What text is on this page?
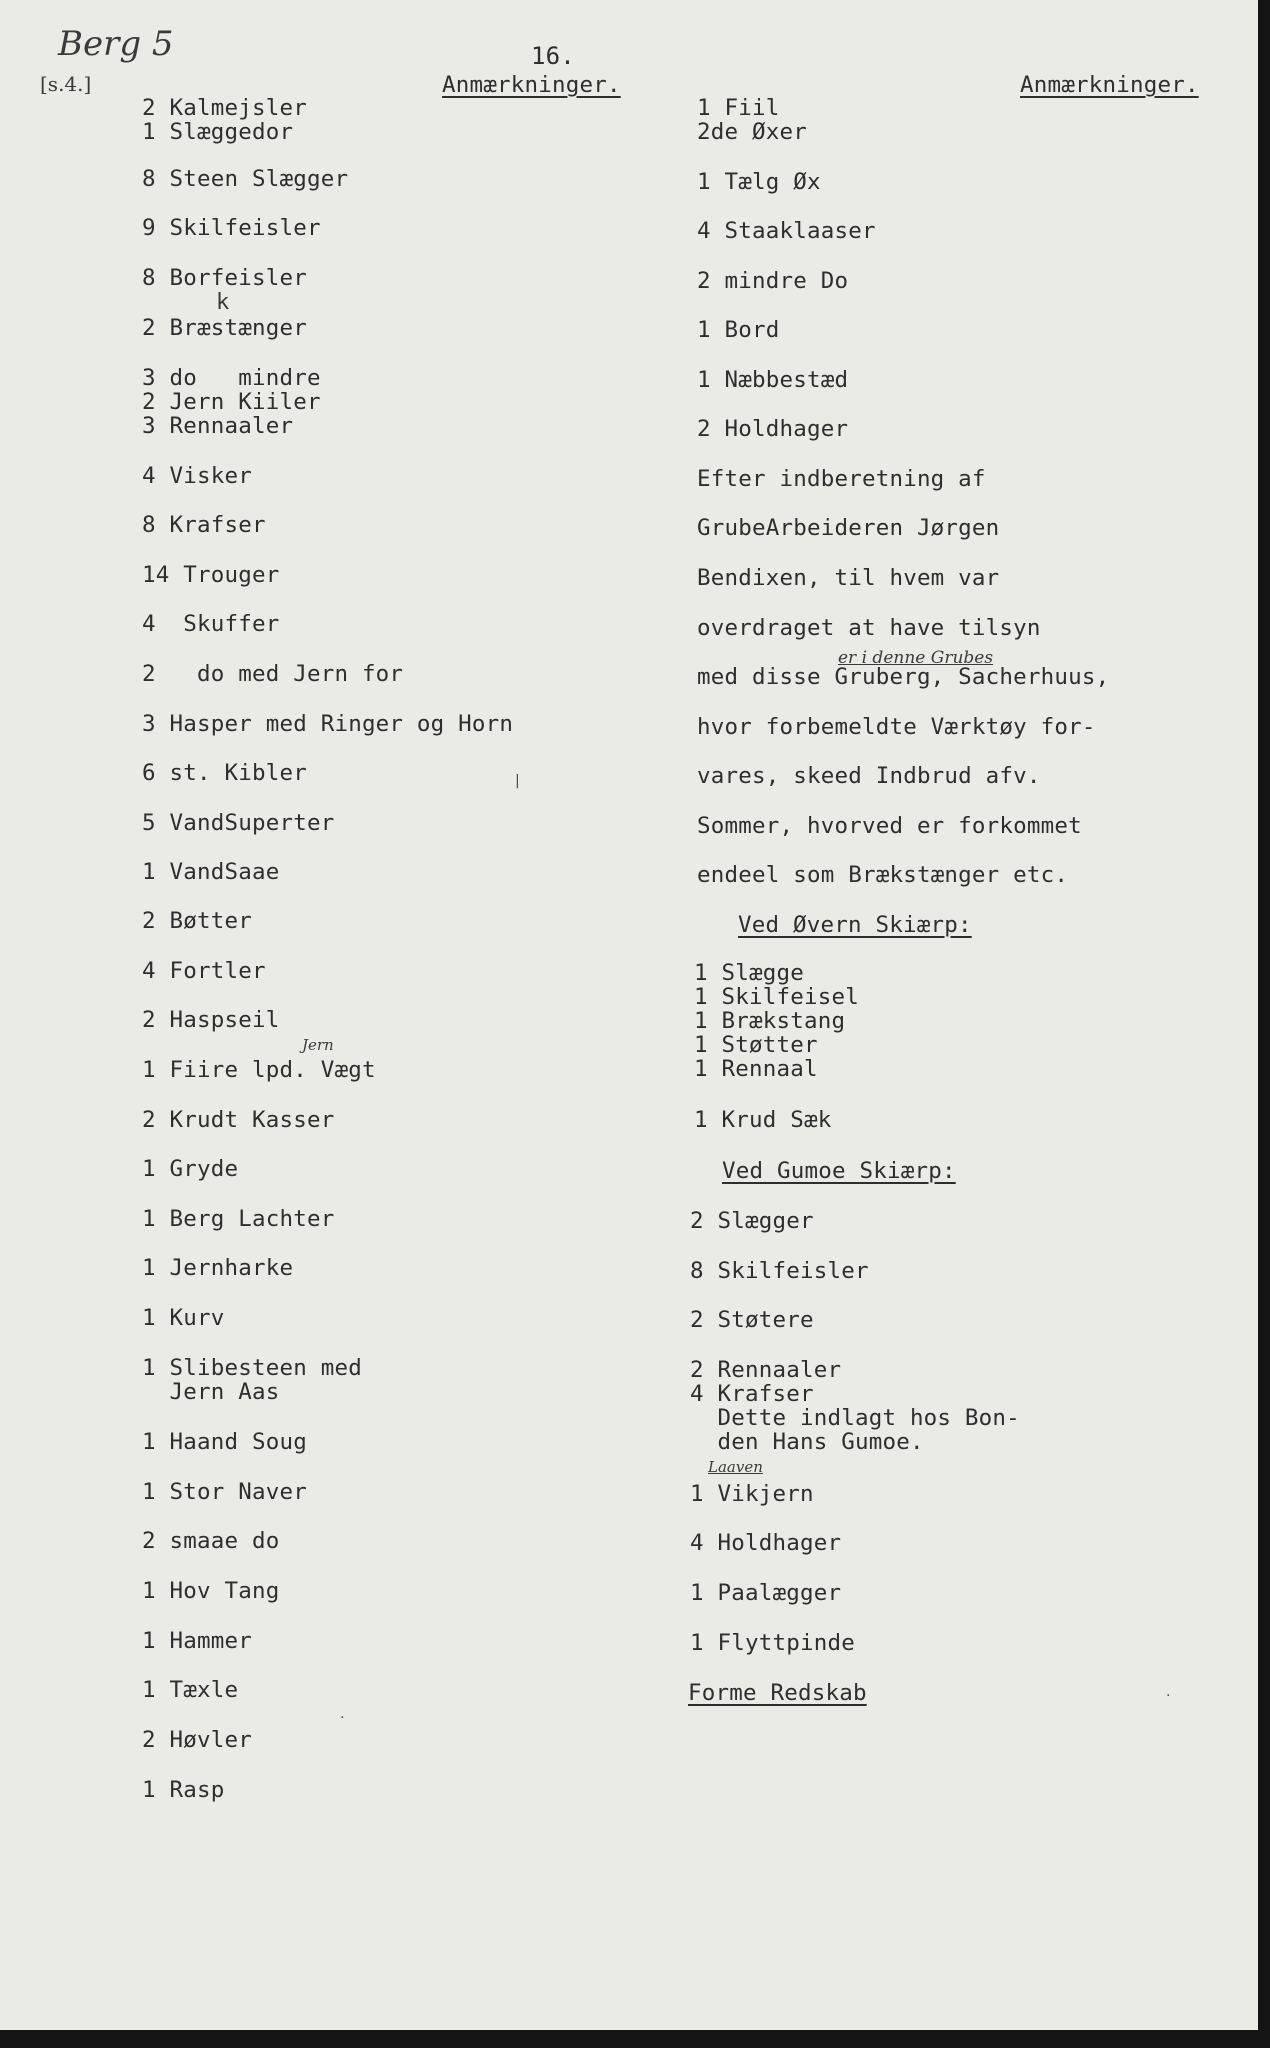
Berg 5
[s.4.]
k
Jern
er i denne Grubes
Laaven
16.
Anmærkninger.	Anmærkninger.
2 Kalmejsler
1 Slæggedor
8 Steen Slægger
9 Skilfeisler
8 Borfeisler
2 Bræstænger
3 do   mindre
2 Jern Kiiler
3 Rennaaler
4 Visker
8 Krafser
14 Trouger
4  Skuffer
2   do med Jern for
3 Hasper med Ringer og Horn
6 st. Kibler
5 VandSuperter
1 VandSaae
2 Bøtter
4 Fortler
2 Haspseil
1 Fiire lpd. Vægt
2 Krudt Kasser
1 Gryde
1 Berg Lachter
1 Jernharke
1 Kurv
1 Slibesteen med
Jern Aas
1 Haand Soug
1 Stor Naver
2 smaae do
1 Hov Tang
1 Hammer
1 Tæxle
2 Høvler
1 Rasp
1 Fiil
2de Øxer
1 Tælg Øx
4 Staaklaaser
2 mindre Do
1 Bord
1 Næbbestæd
2 Holdhager
Efter indberetning af
GrubeArbeideren Jørgen
Bendixen, til hvem var
overdraget at have tilsyn
med disse Gruberg, Sacherhuus,
hvor forbemeldte Værktøy for-
vares, skeed Indbrud afv.
Sommer, hvorved er forkommet
endeel som Brækstænger etc.
Ved Øvern Skiærp:
1 Slægge
1 Skilfeisel
1 Brækstang
1 Støtter
1 Rennaal
1 Krud Sæk
Ved Gumoe Skiærp:
2 Slægger
8 Skilfeisler
2 Støtere
2 Rennaaler
4 Krafser
Dette indlagt hos Bon-
den Hans Gumoe.
1 Vikjern
4 Holdhager
1 Paalægger
1 Flyttpinde
Forme Redskab
|
.
.
